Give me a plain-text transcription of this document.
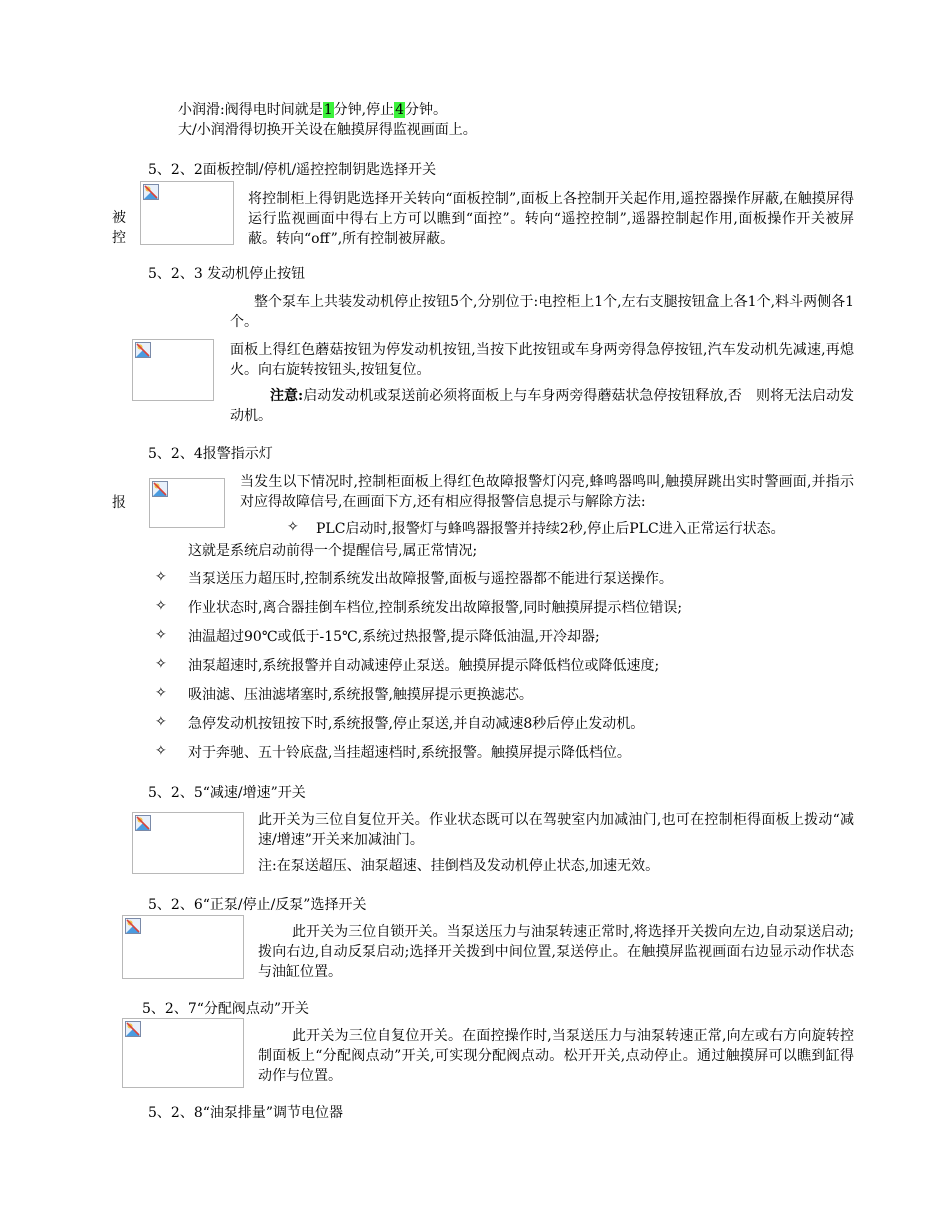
小润滑:阀得电时间就是1分钟,停止4分钟。
大/小润滑得切换开关设在触摸屏得监视画面上。
5、2、2面板控制/停机/遥控控制钥匙选择开关
被
控
将控制柜上得钥匙选择开关转向“面板控制”,面板上各控制开关起作用,遥控器操作屏蔽,在触摸屏得运行监视画面中得右上方可以瞧到“面控”。转向“遥控控制”,遥器控制起作用,面板操作开关被屏蔽。转向“off”,所有控制被屏蔽。
5、2、3 发动机停止按钮
整个泵车上共装发动机停止按钮5个,分别位于:电控柜上1个,左右支腿按钮盒上各1个,料斗两侧各1个。
面板上得红色蘑菇按钮为停发动机按钮,当按下此按钮或车身两旁得急停按钮,汽车发动机先减速,再熄火。向右旋转按钮头,按钮复位。
注意:启动发动机或泵送前必须将面板上与车身两旁得蘑菇状急停按钮释放,否　则将无法启动发动机。
5、2、4报警指示灯
报
当发生以下情况时,控制柜面板上得红色故障报警灯闪亮,蜂鸣器鸣叫,触摸屏跳出实时警画面,并指示对应得故障信号,在画面下方,还有相应得报警信息提示与解除方法:
✧ PLC启动时,报警灯与蜂鸣器报警并持续2秒,停止后PLC进入正常运行状态。
这就是系统启动前得一个提醒信号,属正常情况;
✧ 当泵送压力超压时,控制系统发出故障报警,面板与遥控器都不能进行泵送操作。
✧ 作业状态时,离合器挂倒车档位,控制系统发出故障报警,同时触摸屏提示档位错误;
✧ 油温超过90℃或低于-15℃,系统过热报警,提示降低油温,开冷却器;
✧ 油泵超速时,系统报警并自动减速停止泵送。触摸屏提示降低档位或降低速度;
✧ 吸油滤、压油滤堵塞时,系统报警,触摸屏提示更换滤芯。
✧ 急停发动机按钮按下时,系统报警,停止泵送,并自动减速8秒后停止发动机。
✧ 对于奔驰、五十铃底盘,当挂超速档时,系统报警。触摸屏提示降低档位。
5、2、5“减速/增速”开关
此开关为三位自复位开关。作业状态既可以在驾驶室内加减油门,也可在控制柜得面板上拨动“减速/增速”开关来加减油门。
注:在泵送超压、油泵超速、挂倒档及发动机停止状态,加速无效。
5、2、6“正泵/停止/反泵”选择开关
此开关为三位自锁开关。当泵送压力与油泵转速正常时,将选择开关拨向左边,自动泵送启动;拨向右边,自动反泵启动;选择开关拨到中间位置,泵送停止。在触摸屏监视画面右边显示动作状态与油缸位置。
5、2、7“分配阀点动”开关
此开关为三位自复位开关。在面控操作时,当泵送压力与油泵转速正常,向左或右方向旋转控制面板上“分配阀点动”开关,可实现分配阀点动。松开开关,点动停止。通过触摸屏可以瞧到缸得动作与位置。
5、2、8“油泵排量”调节电位器
